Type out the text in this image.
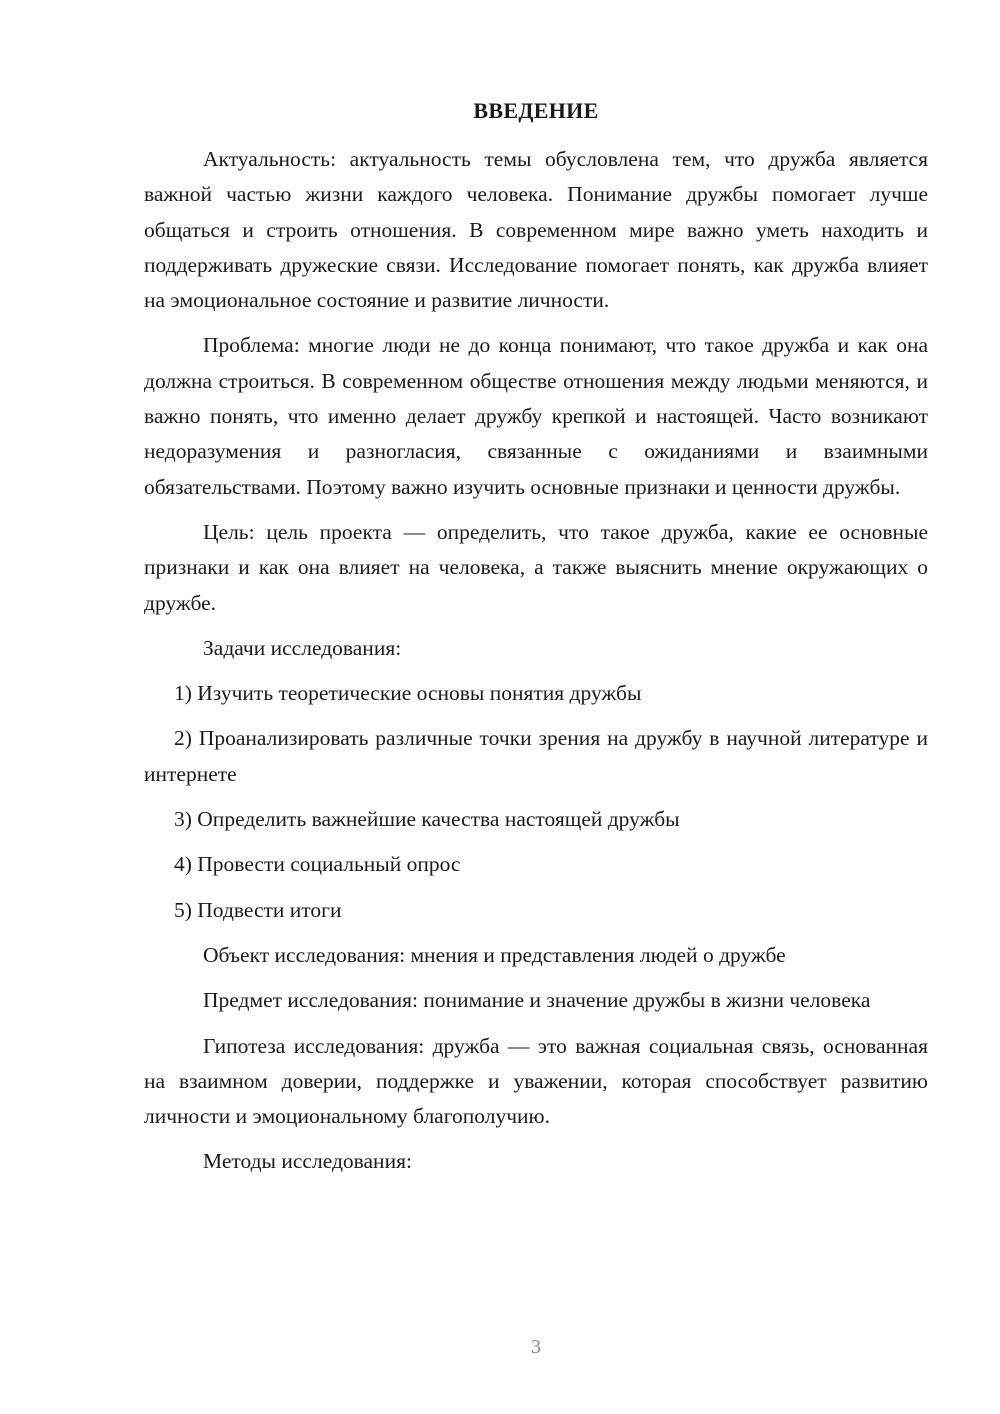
ВВЕДЕНИЕ

Актуальность: актуальность темы обусловлена тем, что дружба является важной частью жизни каждого человека. Понимание дружбы помогает лучше общаться и строить отношения. В современном мире важно уметь находить и поддерживать дружеские связи. Исследование помогает понять, как дружба влияет на эмоциональное состояние и развитие личности.

Проблема: многие люди не до конца понимают, что такое дружба и как она должна строиться. В современном обществе отношения между людьми меняются, и важно понять, что именно делает дружбу крепкой и настоящей. Часто возникают недоразумения и разногласия, связанные с ожиданиями и взаимными обязательствами. Поэтому важно изучить основные признаки и ценности дружбы.

Цель: цель проекта — определить, что такое дружба, какие ее основные признаки и как она влияет на человека, а также выяснить мнение окружающих о дружбе.

Задачи исследования:

1) Изучить теоретические основы понятия дружбы

2) Проанализировать различные точки зрения на дружбу в научной литературе и интернете

3) Определить важнейшие качества настоящей дружбы

4) Провести социальный опрос

5) Подвести итоги

Объект исследования: мнения и представления людей о дружбе

Предмет исследования: понимание и значение дружбы в жизни человека

Гипотеза исследования: дружба — это важная социальная связь, основанная на взаимном доверии, поддержке и уважении, которая способствует развитию личности и эмоциональному благополучию.

Методы исследования:

3
